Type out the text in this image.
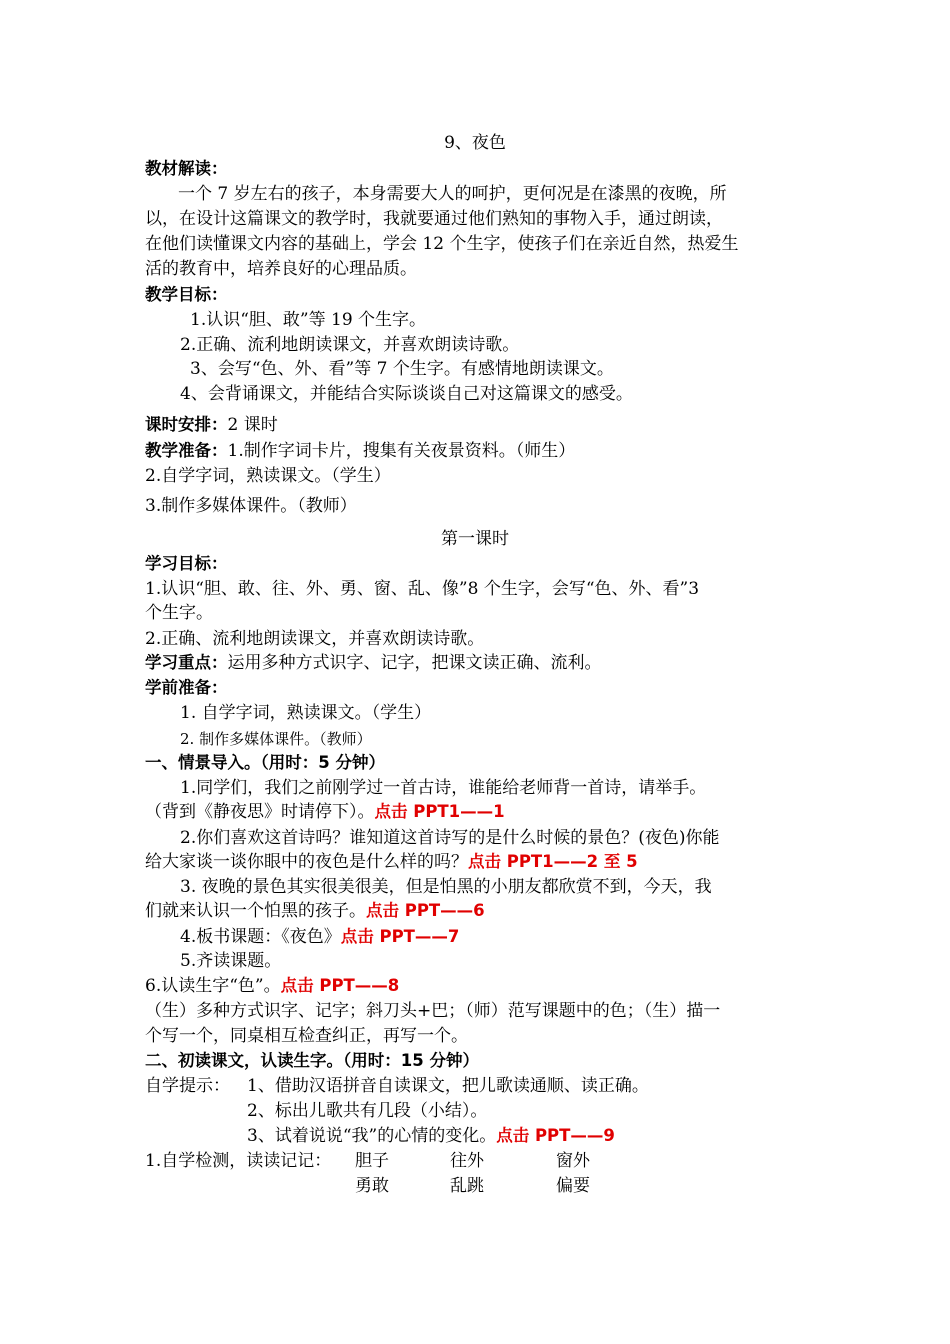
9、夜色
教材解读：
一个 7 岁左右的孩子，本身需要大人的呵护，更何况是在漆黑的夜晚，所
以，在设计这篇课文的教学时，我就要通过他们熟知的事物入手，通过朗读，
在他们读懂课文内容的基础上，学会 12 个生字，使孩子们在亲近自然，热爱生
活的教育中，培养良好的心理品质。
教学目标：
1.认识“胆、敢”等 19 个生字。
2.正确、流利地朗读课文，并喜欢朗读诗歌。
3、会写“色、外、看”等 7 个生字。有感情地朗读课文。
4、会背诵课文，并能结合实际谈谈自己对这篇课文的感受。
课时安排：2 课时
教学准备：1.制作字词卡片，搜集有关夜景资料。（师生）
2.自学字词，熟读课文。（学生）
3.制作多媒体课件。（教师）
第一课时
学习目标：
1.认识“胆、敢、往、外、勇、窗、乱、像”8 个生字，会写“色、外、看”3
个生字。
2.正确、流利地朗读课文，并喜欢朗读诗歌。
学习重点：运用多种方式识字、记字，把课文读正确、流利。
学前准备：
1. 自学字词，熟读课文。（学生）
2. 制作多媒体课件。（教师）
一、情景导入。（用时：5 分钟）
1.同学们，我们之前刚学过一首古诗，谁能给老师背一首诗，请举手。
（背到《静夜思》时请停下）。点击 PPT1——1
2.你们喜欢这首诗吗？谁知道这首诗写的是什么时候的景色？(夜色)你能
给大家谈一谈你眼中的夜色是什么样的吗？点击 PPT1——2 至 5
3. 夜晚的景色其实很美很美，但是怕黑的小朋友都欣赏不到，今天，我
们就来认识一个怕黑的孩子。点击 PPT——6
4.板书课题：《夜色》点击 PPT——7
5.齐读课题。
6.认读生字“色”。点击 PPT——8
（生）多种方式识字、记字；斜刀头+巴；（师）范写课题中的色；（生）描一
个写一个，同桌相互检查纠正，再写一个。
二、初读课文，认读生字。（用时：15 分钟）
自学提示： 1、借助汉语拼音自读课文，把儿歌读通顺、读正确。
2、标出儿歌共有几段（小结）。
3、试着说说“我”的心情的变化。点击 PPT——9
1.自学检测，读读记记： 胆子	往外	窗外
勇敢	乱跳	偏要
